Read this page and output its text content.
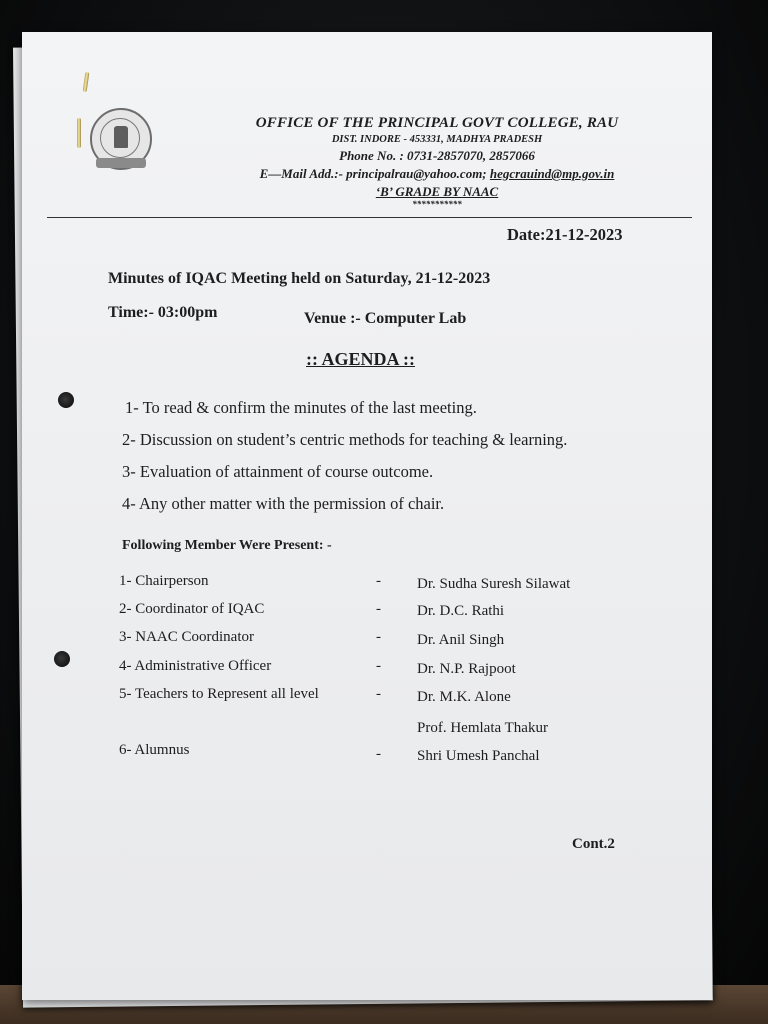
OFFICE OF THE PRINCIPAL GOVT COLLEGE, RAU
DIST. INDORE - 453331, MADHYA PRADESH
Phone No. : 0731-2857070, 2857066
E—Mail Add.:- principalrau@yahoo.com; hegcrauind@mp.gov.in
‘B’ GRADE BY NAAC
***********
Date:21-12-2023
Minutes of IQAC Meeting held on Saturday, 21-12-2023
Time:- 03:00pm	Venue :- Computer Lab
:: AGENDA ::
1- To read & confirm the minutes of the last meeting.
2- Discussion on student’s centric methods for teaching & learning.
3- Evaluation of attainment of course outcome.
4- Any other matter with the permission of chair.
Following Member Were Present: -
1- Chairperson	- Dr. Sudha Suresh Silawat
2- Coordinator of IQAC	- Dr. D.C. Rathi
3- NAAC Coordinator	- Dr. Anil Singh
4- Administrative Officer	- Dr. N.P. Rajpoot
5- Teachers to Represent all level	- Dr. M.K. Alone
Prof. Hemlata Thakur
6- Alumnus	- Shri Umesh Panchal
Cont.2
